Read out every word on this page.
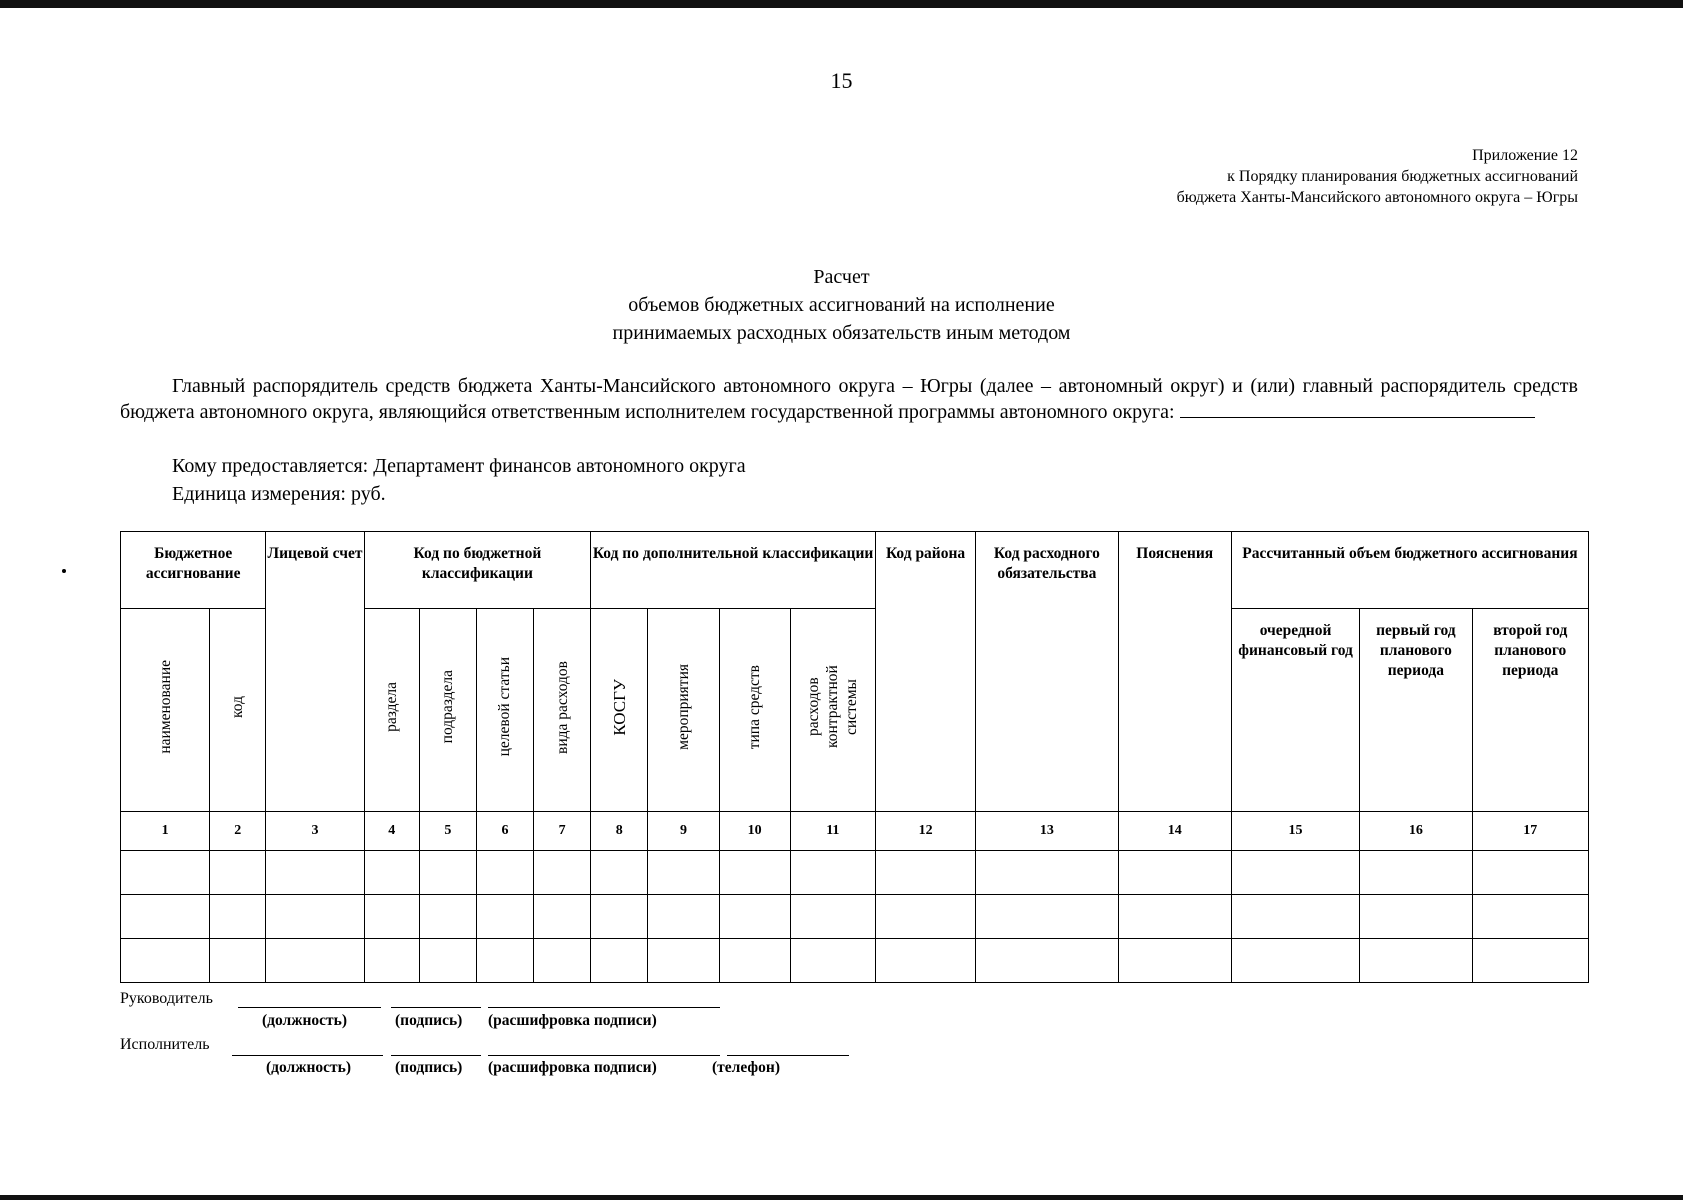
15
Приложение 12
к Порядку планирования бюджетных ассигнований
бюджета Ханты-Мансийского автономного округа – Югры
Расчет
объемов бюджетных ассигнований на исполнение
принимаемых расходных обязательств иным методом
Главный распорядитель средств бюджета Ханты-Мансийского автономного округа – Югры (далее – автономный округ) и (или) главный распорядитель средств бюджета автономного округа, являющийся ответственным исполнителем государственной программы автономного округа:
Кому предоставляется: Департамент финансов автономного округа
Единица измерения: руб.
Бюджетное ассигнование		Лицевой счет	Код по бюджетной классификации				Код по дополнительной классификации				Код района	Код расходного обязательства	Пояснения	Рассчитанный объем бюджетного ассигнования		
наименование	код		раздела	подраздела	целевой статьи	вида расходов	КОСГУ	мероприятия	типа средств	расходов контрактной системы				очередной финансовый год	первый год планового периода	второй год планового периода
1	2	3	4	5	6	7	8	9	10	11	12	13	14	15	16	17

Руководитель
(должность)	(подпись) (расшифровка подписи)
Исполнитель
(должность)	(подпись) (расшифровка подписи)	(телефон)
